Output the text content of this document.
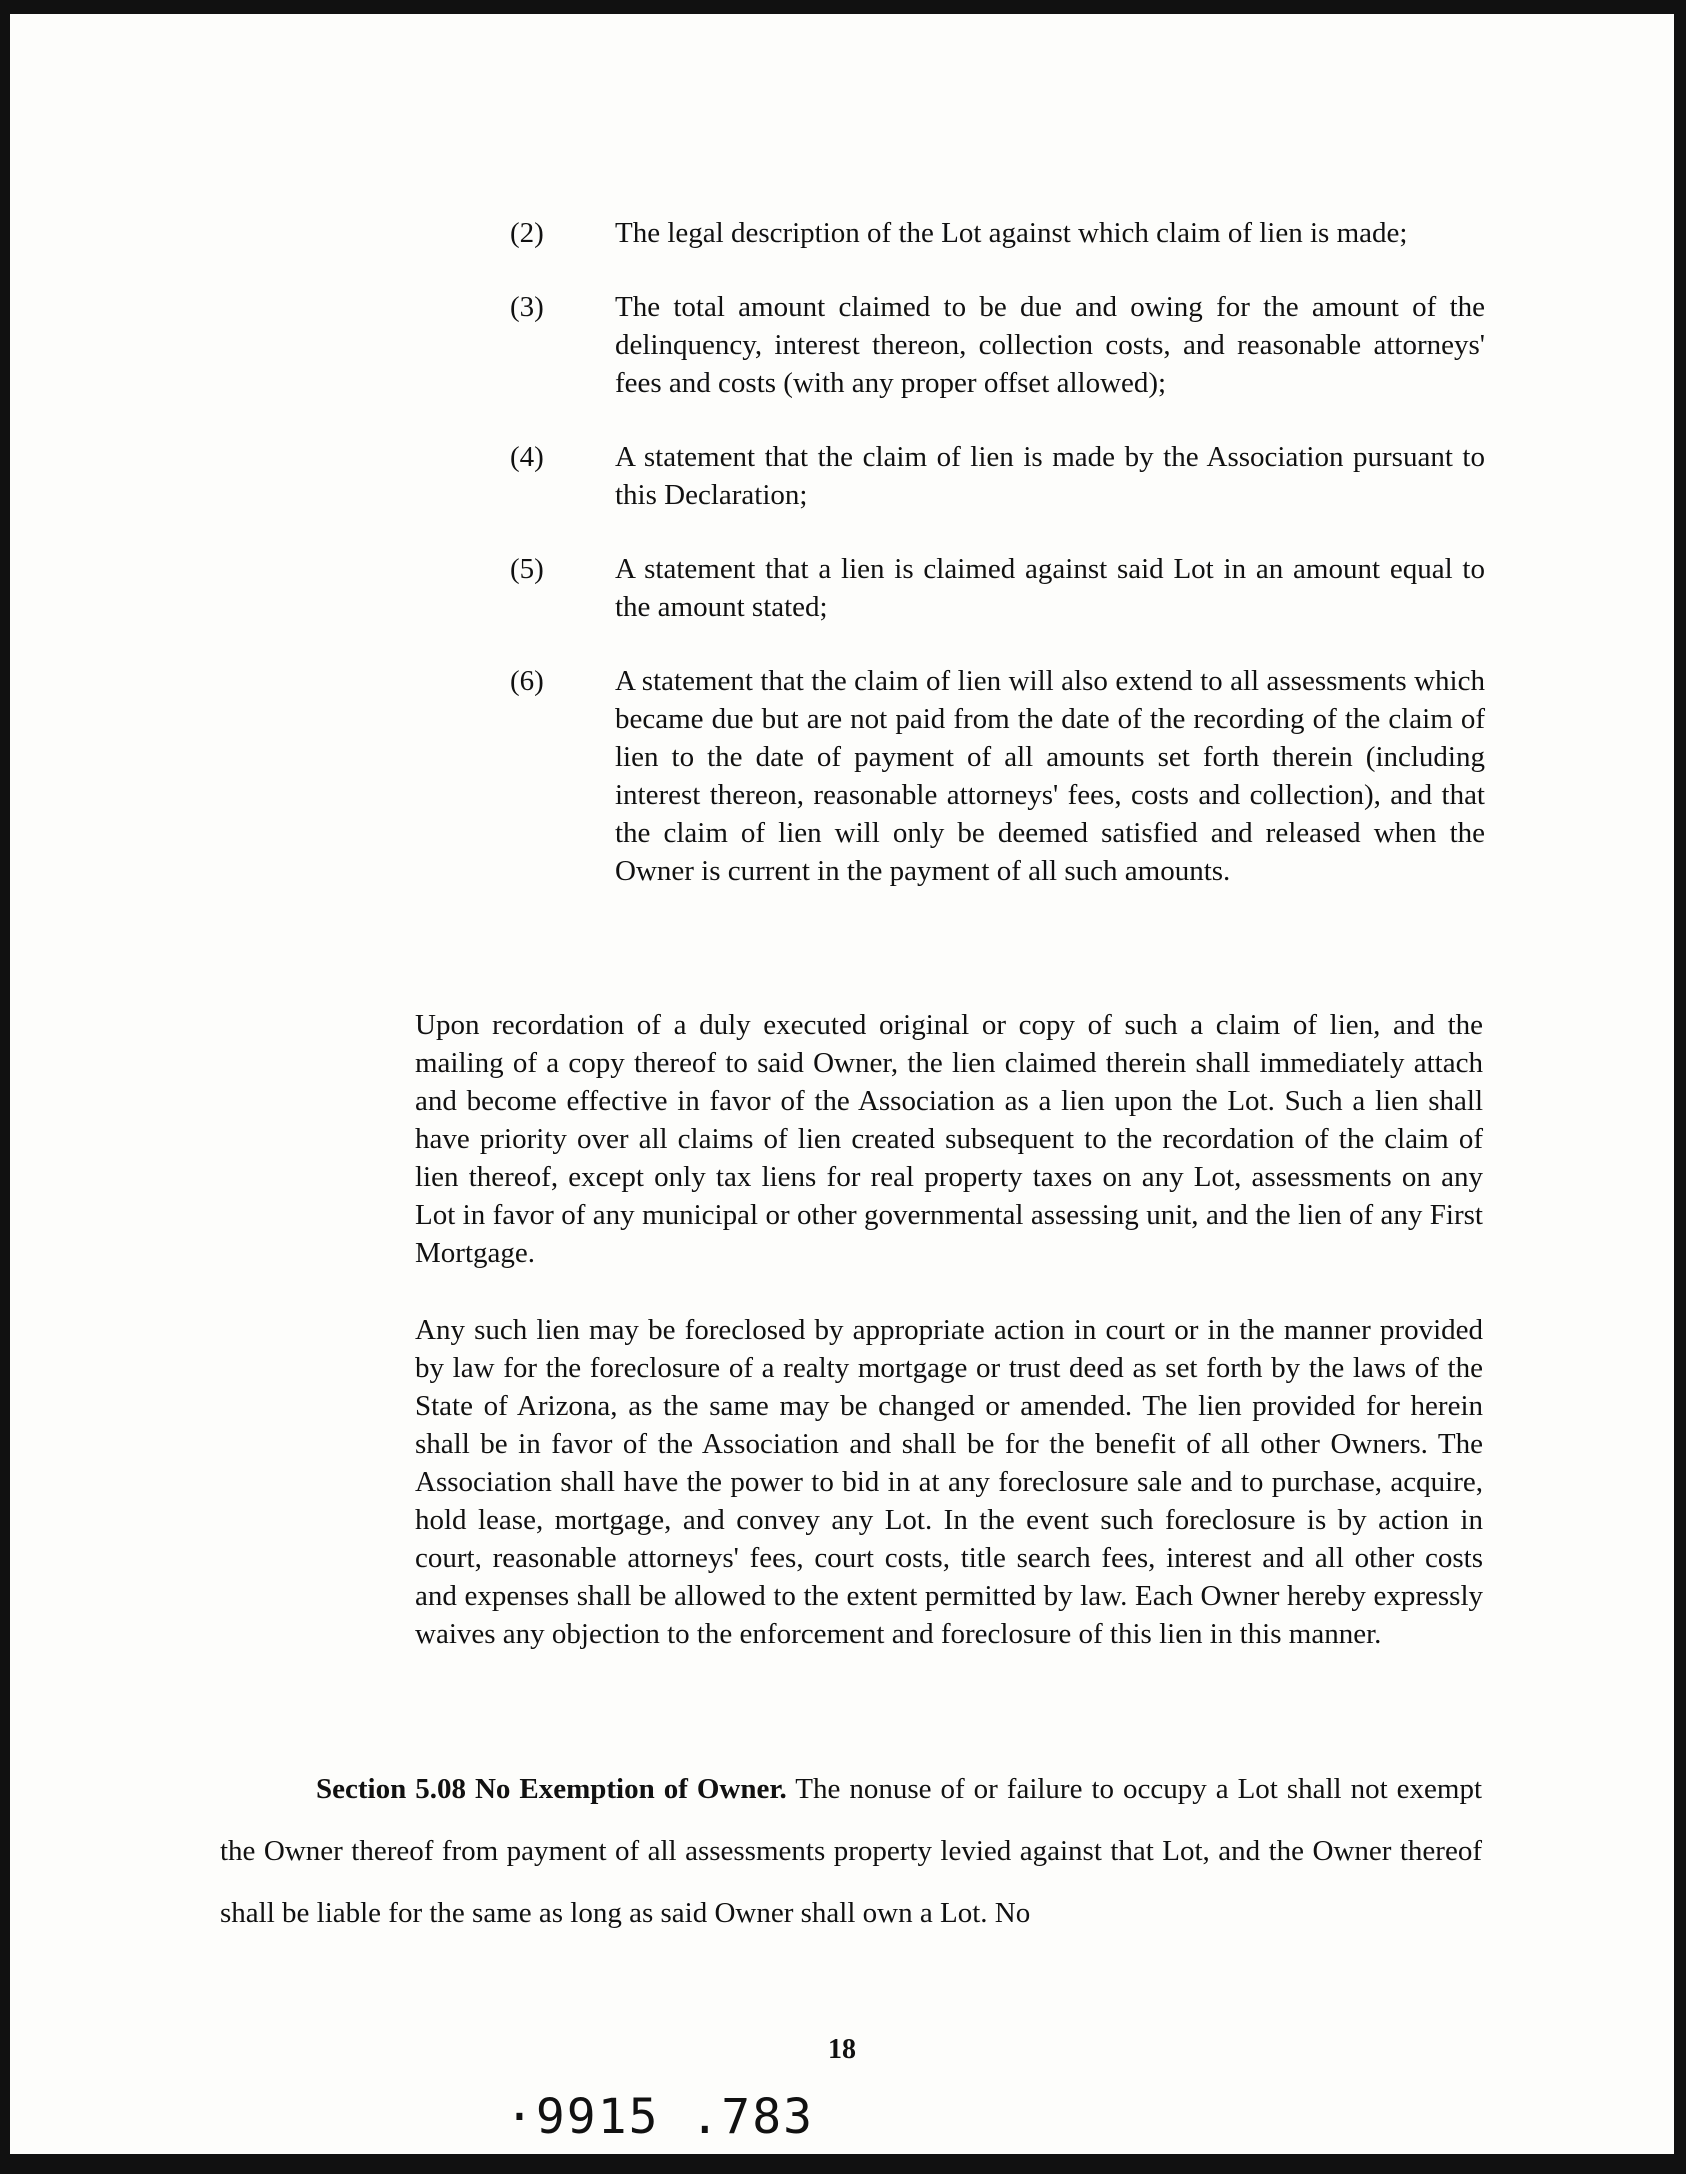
(2)	The legal description of the Lot against which claim of lien is made;
(3)	The total amount claimed to be due and owing for the amount of the delinquency, interest thereon, collection costs, and reasonable attorneys' fees and costs (with any proper offset allowed);
(4)	A statement that the claim of lien is made by the Association pursuant to this Declaration;
(5)	A statement that a lien is claimed against said Lot in an amount equal to the amount stated;
(6)	A statement that the claim of lien will also extend to all assessments which became due but are not paid from the date of the recording of the claim of lien to the date of payment of all amounts set forth therein (including interest thereon, reasonable attorneys' fees, costs and collection), and that the claim of lien will only be deemed satisfied and released when the Owner is current in the payment of all such amounts.

Upon recordation of a duly executed original or copy of such a claim of lien, and the mailing of a copy thereof to said Owner, the lien claimed therein shall immediately attach and become effective in favor of the Association as a lien upon the Lot. Such a lien shall have priority over all claims of lien created subsequent to the recordation of the claim of lien thereof, except only tax liens for real property taxes on any Lot, assessments on any Lot in favor of any municipal or other governmental assessing unit, and the lien of any First Mortgage.

Any such lien may be foreclosed by appropriate action in court or in the manner provided by law for the foreclosure of a realty mortgage or trust deed as set forth by the laws of the State of Arizona, as the same may be changed or amended. The lien provided for herein shall be in favor of the Association and shall be for the benefit of all other Owners. The Association shall have the power to bid in at any foreclosure sale and to purchase, acquire, hold lease, mortgage, and convey any Lot. In the event such foreclosure is by action in court, reasonable attorneys' fees, court costs, title search fees, interest and all other costs and expenses shall be allowed to the extent permitted by law. Each Owner hereby expressly waives any objection to the enforcement and foreclosure of this lien in this manner.

Section 5.08 No Exemption of Owner. The nonuse of or failure to occupy a Lot shall not exempt the Owner thereof from payment of all assessments property levied against that Lot, and the Owner thereof shall be liable for the same as long as said Owner shall own a Lot. No

18
·9915 .783
